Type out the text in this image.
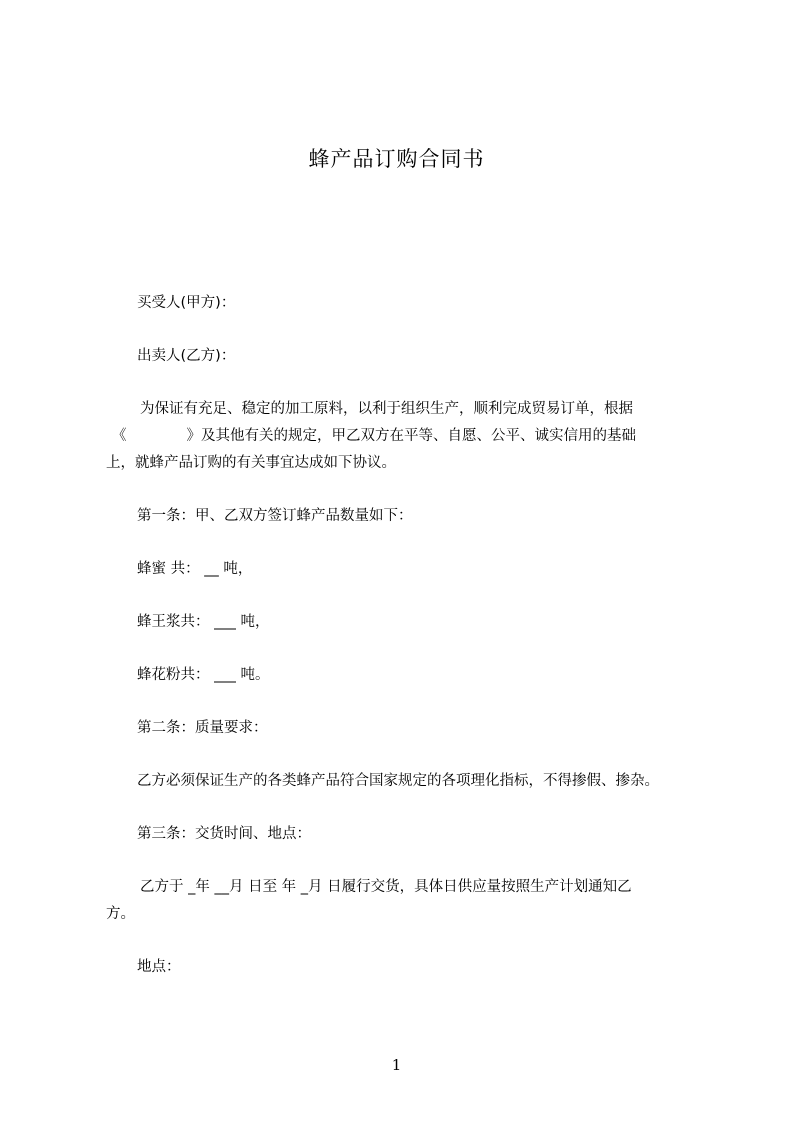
蜂产品订购合同书
买受人(甲方)：
出卖人(乙方)：
为保证有充足、稳定的加工原料，以利于组织生产，顺利完成贸易订单，根据
《	》及其他有关的规定，甲乙双方在平等、自愿、公平、诚实信用的基础
上，就蜂产品订购的有关事宜达成如下协议。
第一条：甲、乙双方签订蜂产品数量如下：
蜂蜜 共： __ 吨，
蜂王浆共： ___ 吨，
蜂花粉共： ___ 吨。
第二条：质量要求：
乙方必须保证生产的各类蜂产品符合国家规定的各项理化指标，不得掺假、掺杂。
第三条：交货时间、地点：
乙方于 _年 __月 日至 年 _月 日履行交货，具体日供应量按照生产计划通知乙
方。
地点：
1
